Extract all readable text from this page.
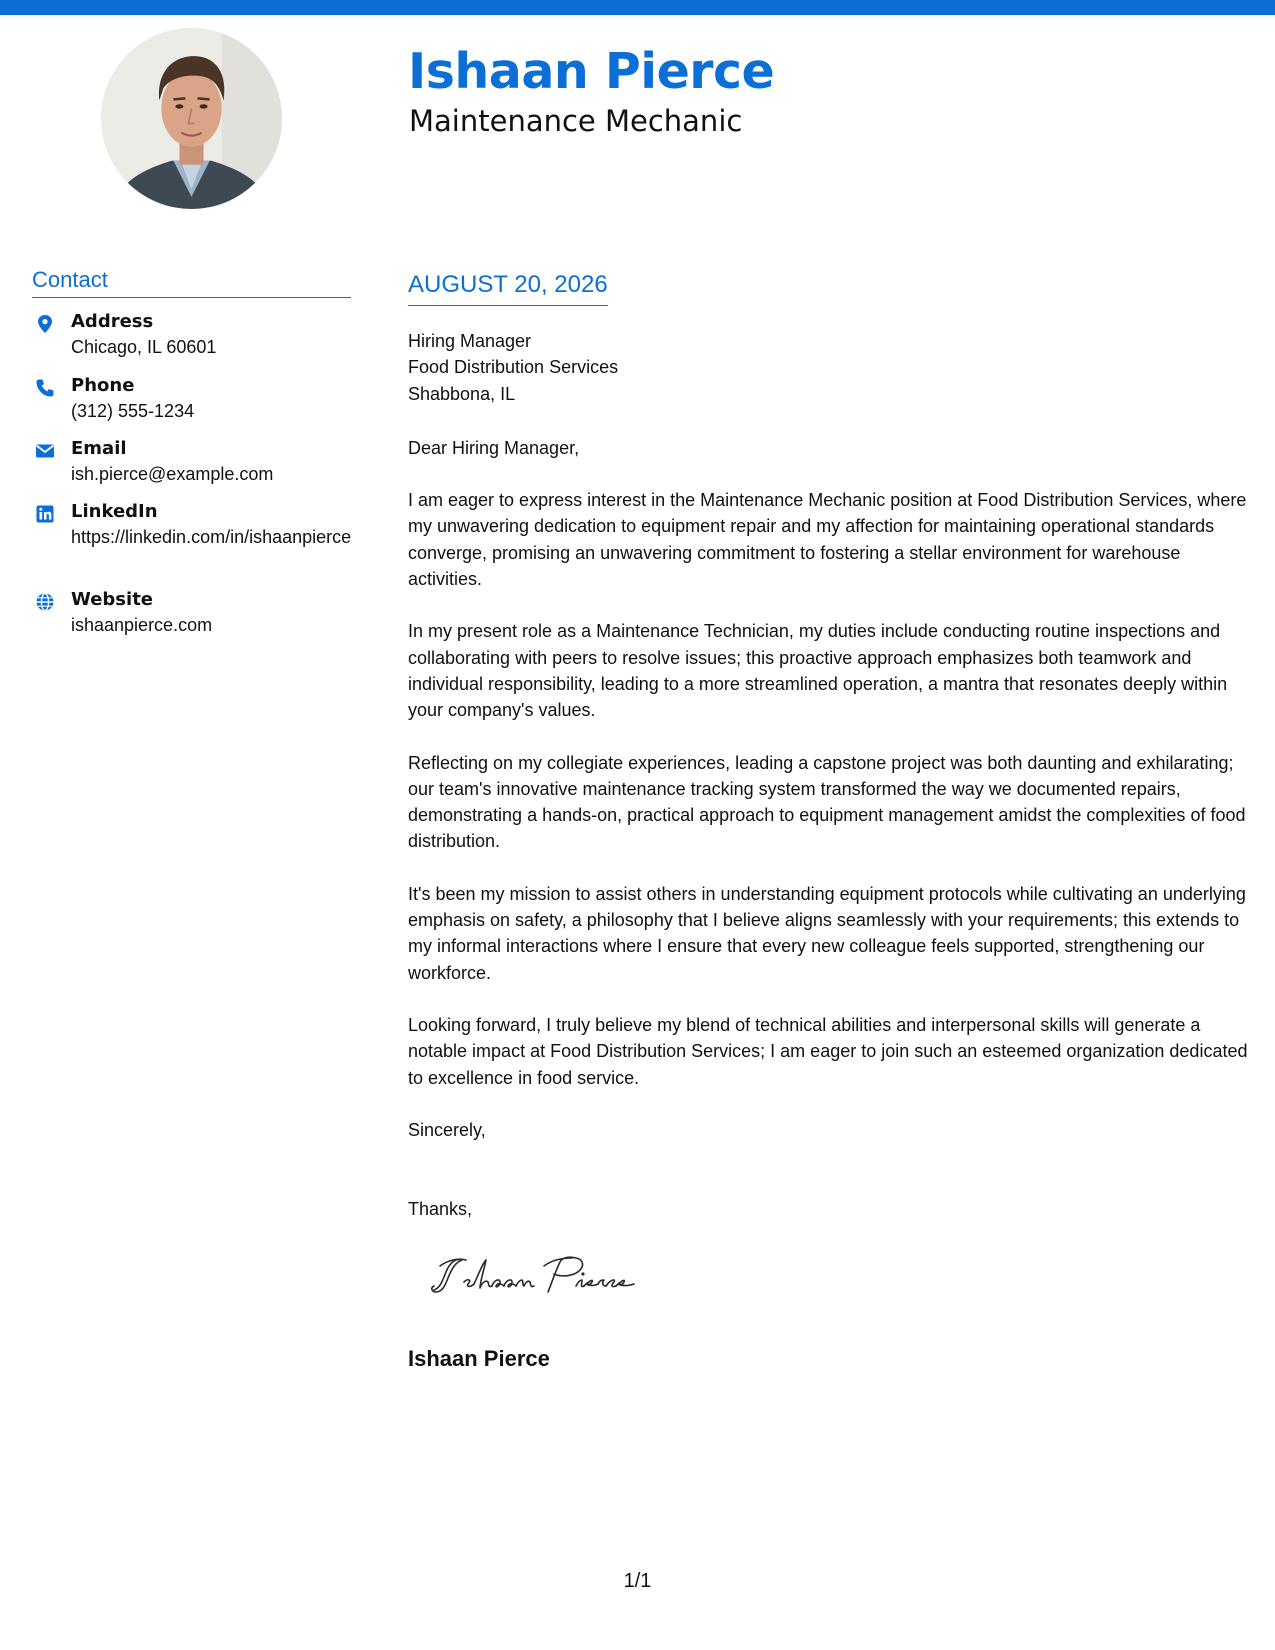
Ishaan Pierce
Maintenance Mechanic
Contact
Address
Chicago, IL 60601
Phone
(312) 555-1234
Email
ish.pierce@example.com
LinkedIn
https://linkedin.com/in/ishaanpierce
Website
ishaanpierce.com
AUGUST 20, 2026
Hiring Manager
Food Distribution Services
Shabbona, IL

Dear Hiring Manager,

I am eager to express interest in the Maintenance Mechanic position at Food Distribution Services, where my unwavering dedication to equipment repair and my affection for maintaining operational standards converge, promising an unwavering commitment to fostering a stellar environment for warehouse activities.

In my present role as a Maintenance Technician, my duties include conducting routine inspections and collaborating with peers to resolve issues; this proactive approach emphasizes both teamwork and individual responsibility, leading to a more streamlined operation, a mantra that resonates deeply within your company's values.

Reflecting on my collegiate experiences, leading a capstone project was both daunting and exhilarating; our team's innovative maintenance tracking system transformed the way we documented repairs, demonstrating a hands-on, practical approach to equipment management amidst the complexities of food distribution.

It's been my mission to assist others in understanding equipment protocols while cultivating an underlying emphasis on safety, a philosophy that I believe aligns seamlessly with your requirements; this extends to my informal interactions where I ensure that every new colleague feels supported, strengthening our workforce.

Looking forward, I truly believe my blend of technical abilities and interpersonal skills will generate a notable impact at Food Distribution Services; I am eager to join such an esteemed organization dedicated to excellence in food service.

Sincerely,

Thanks,

Ishaan Pierce
1/1
